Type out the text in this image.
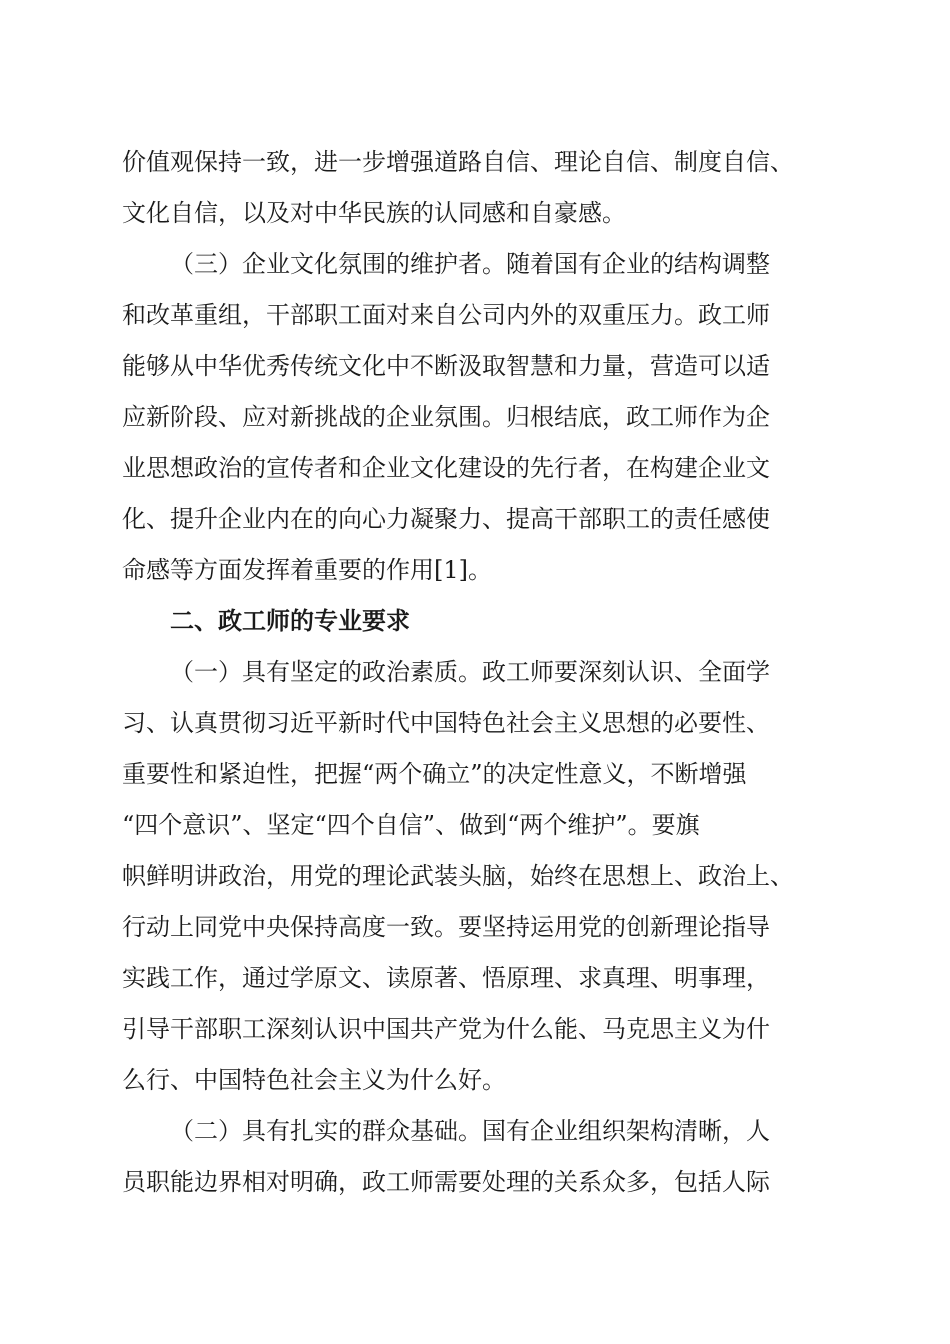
价值观保持一致，进一步增强道路自信、理论自信、制度自信、
文化自信，以及对中华民族的认同感和自豪感。
（三）企业文化氛围的维护者。随着国有企业的结构调整
和改革重组，干部职工面对来自公司内外的双重压力。政工师
能够从中华优秀传统文化中不断汲取智慧和力量，营造可以适
应新阶段、应对新挑战的企业氛围。归根结底，政工师作为企
业思想政治的宣传者和企业文化建设的先行者，在构建企业文
化、提升企业内在的向心力凝聚力、提高干部职工的责任感使
命感等方面发挥着重要的作用[1]。
二、政工师的专业要求
（一）具有坚定的政治素质。政工师要深刻认识、全面学
习、认真贯彻习近平新时代中国特色社会主义思想的必要性、
重要性和紧迫性，把握“两个确立”的决定性意义，不断增强
“四个意识”、坚定“四个自信”、做到“两个维护”。要旗
帜鲜明讲政治，用党的理论武装头脑，始终在思想上、政治上、
行动上同党中央保持高度一致。要坚持运用党的创新理论指导
实践工作，通过学原文、读原著、悟原理、求真理、明事理，
引导干部职工深刻认识中国共产党为什么能、马克思主义为什
么行、中国特色社会主义为什么好。
（二）具有扎实的群众基础。国有企业组织架构清晰，人
员职能边界相对明确，政工师需要处理的关系众多，包括人际
